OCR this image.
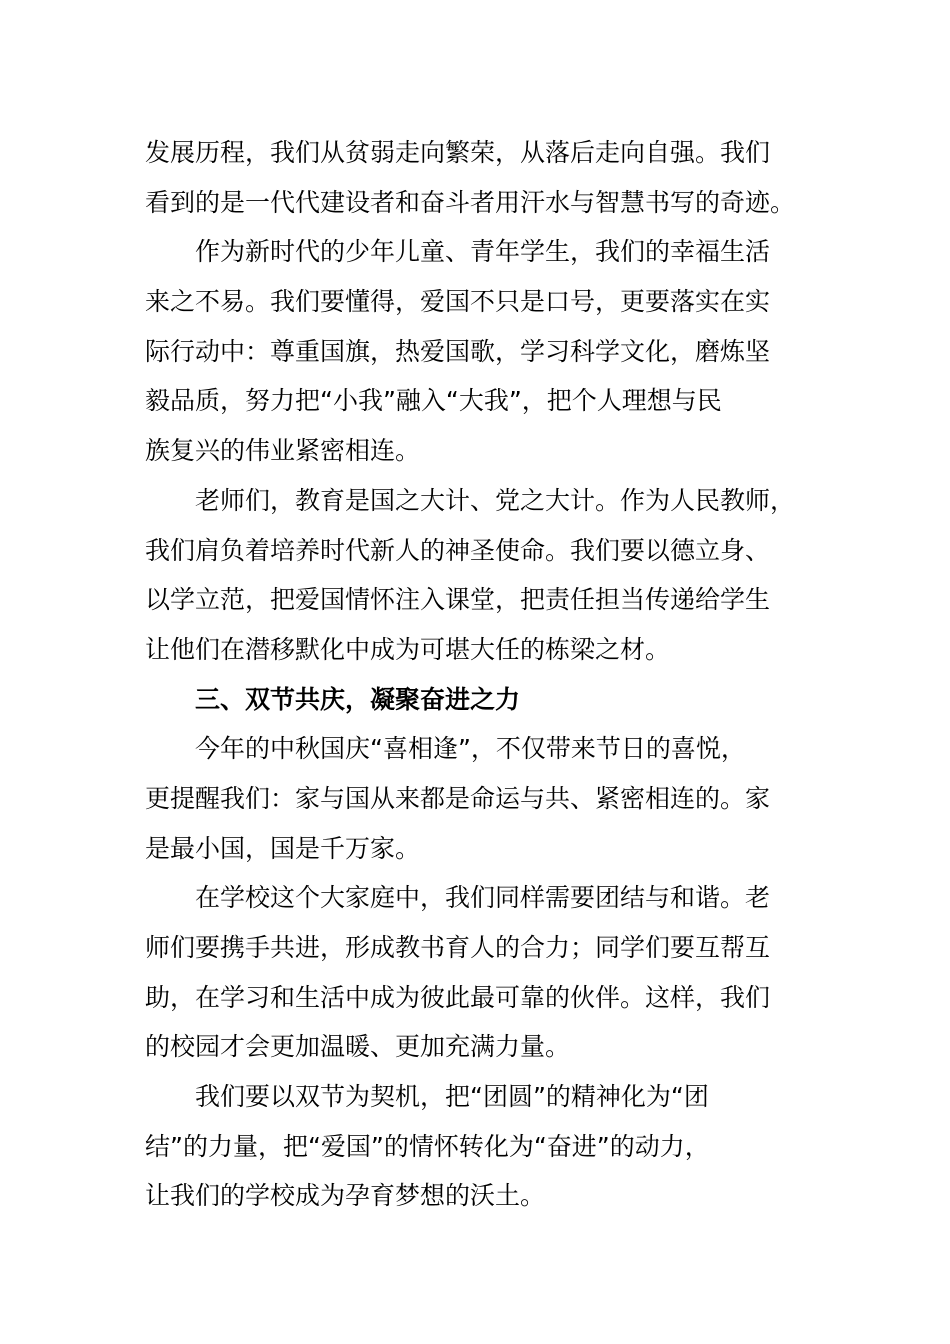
发展历程，我们从贫弱走向繁荣，从落后走向自强。我们
看到的是一代代建设者和奋斗者用汗水与智慧书写的奇迹。
作为新时代的少年儿童、青年学生，我们的幸福生活
来之不易。我们要懂得，爱国不只是口号，更要落实在实
际行动中：尊重国旗，热爱国歌，学习科学文化，磨炼坚
毅品质，努力把“小我”融入“大我”，把个人理想与民
族复兴的伟业紧密相连。
老师们，教育是国之大计、党之大计。作为人民教师，
我们肩负着培养时代新人的神圣使命。我们要以德立身、
以学立范，把爱国情怀注入课堂，把责任担当传递给学生
让他们在潜移默化中成为可堪大任的栋梁之材。
三、双节共庆，凝聚奋进之力
今年的中秋国庆“喜相逢”，不仅带来节日的喜悦，
更提醒我们：家与国从来都是命运与共、紧密相连的。家
是最小国，国是千万家。
在学校这个大家庭中，我们同样需要团结与和谐。老
师们要携手共进，形成教书育人的合力；同学们要互帮互
助，在学习和生活中成为彼此最可靠的伙伴。这样，我们
的校园才会更加温暖、更加充满力量。
我们要以双节为契机，把“团圆”的精神化为“团
结”的力量，把“爱国”的情怀转化为“奋进”的动力，
让我们的学校成为孕育梦想的沃土。
